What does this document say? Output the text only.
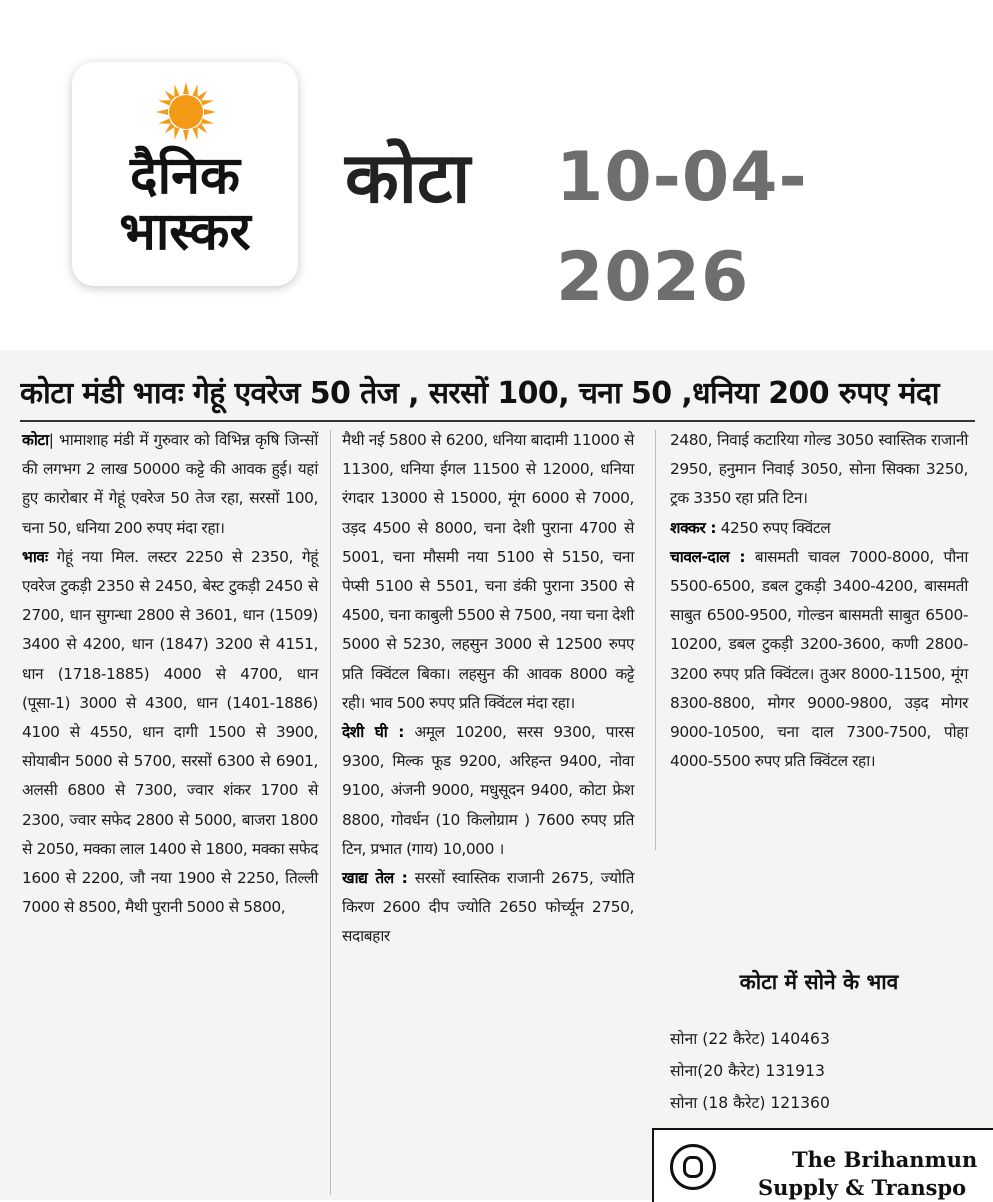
दैनिक
भास्कर
कोटा 10-04-2026
कोटा मंडी भावः गेहूं एवरेज 50 तेज , सरसों 100, चना 50 ,धनिया 200 रुपए मंदा
कोटा| भामाशाह मंडी में गुरुवार को विभिन्न कृषि जिन्सों की लगभग 2 लाख 50000 कट्टे की आवक हुई। यहां हुए कारोबार में गेहूं एवरेज 50 तेज रहा, सरसों 100, चना 50, धनिया 200 रुपए मंदा रहा।
भावः गेहूं नया मिल. लस्टर 2250 से 2350, गेहूं एवरेज टुकड़ी 2350 से 2450, बेस्ट टुकड़ी 2450 से 2700, धान सुगन्धा 2800 से 3601, धान (1509) 3400 से 4200, धान (1847) 3200 से 4151, धान (1718-1885) 4000 से 4700, धान (पूसा-1) 3000 से 4300, धान (1401-1886) 4100 से 4550, धान दागी 1500 से 3900, सोयाबीन 5000 से 5700, सरसों 6300 से 6901, अलसी 6800 से 7300, ज्वार शंकर 1700 से 2300, ज्वार सफेद 2800 से 5000, बाजरा 1800 से 2050, मक्का लाल 1400 से 1800, मक्का सफेद 1600 से 2200, जौ नया 1900 से 2250, तिल्ली 7000 से 8500, मैथी पुरानी 5000 से 5800,
मैथी नई 5800 से 6200, धनिया बादामी 11000 से 11300, धनिया ईगल 11500 से 12000, धनिया रंगदार 13000 से 15000, मूंग 6000 से 7000, उड़द 4500 से 8000, चना देशी पुराना 4700 से 5001, चना मौसमी नया 5100 से 5150, चना पेप्सी 5100 से 5501, चना डंकी पुराना 3500 से 4500, चना काबुली 5500 से 7500, नया चना देशी 5000 से 5230, लहसुन 3000 से 12500 रुपए प्रति क्विंटल बिका। लहसुन की आवक 8000 कट्टे रही। भाव 500 रुपए प्रति क्विंटल मंदा रहा।
देशी घी : अमूल 10200, सरस 9300, पारस 9300, मिल्क फूड 9200, अरिहन्त 9400, नोवा 9100, अंजनी 9000, मधुसूदन 9400, कोटा फ्रेश 8800, गोवर्धन (10 किलोग्राम ) 7600 रुपए प्रति टिन, प्रभात (गाय) 10,000 ।
खाद्य तेल : सरसों स्वास्तिक राजानी 2675, ज्योति किरण 2600 दीप ज्योति 2650 फोर्च्यून 2750, सदाबहार
2480, निवाई कटारिया गोल्ड 3050 स्वास्तिक राजानी 2950, हनुमान निवाई 3050, सोना सिक्का 3250, ट्रक 3350 रहा प्रति टिन।
शक्कर : 4250 रुपए क्विंटल
चावल-दाल : बासमती चावल 7000-8000, पौना 5500-6500, डबल टुकड़ी 3400-4200, बासमती साबुत 6500-9500, गोल्डन बासमती साबुत 6500-10200, डबल टुकड़ी 3200-3600, कणी 2800-3200 रुपए प्रति क्विंटल। तुअर 8000-11500, मूंग 8300-8800, मोगर 9000-9800, उड़द मोगर 9000-10500, चना दाल 7300-7500, पोहा 4000-5500 रुपए प्रति क्विंटल रहा।
कोटा में सोने के भाव
सोना (22 कैरेट) 140463
सोना(20 कैरेट) 131913
सोना (18 कैरेट) 121360
The Brihanmun
Supply & Transpo
